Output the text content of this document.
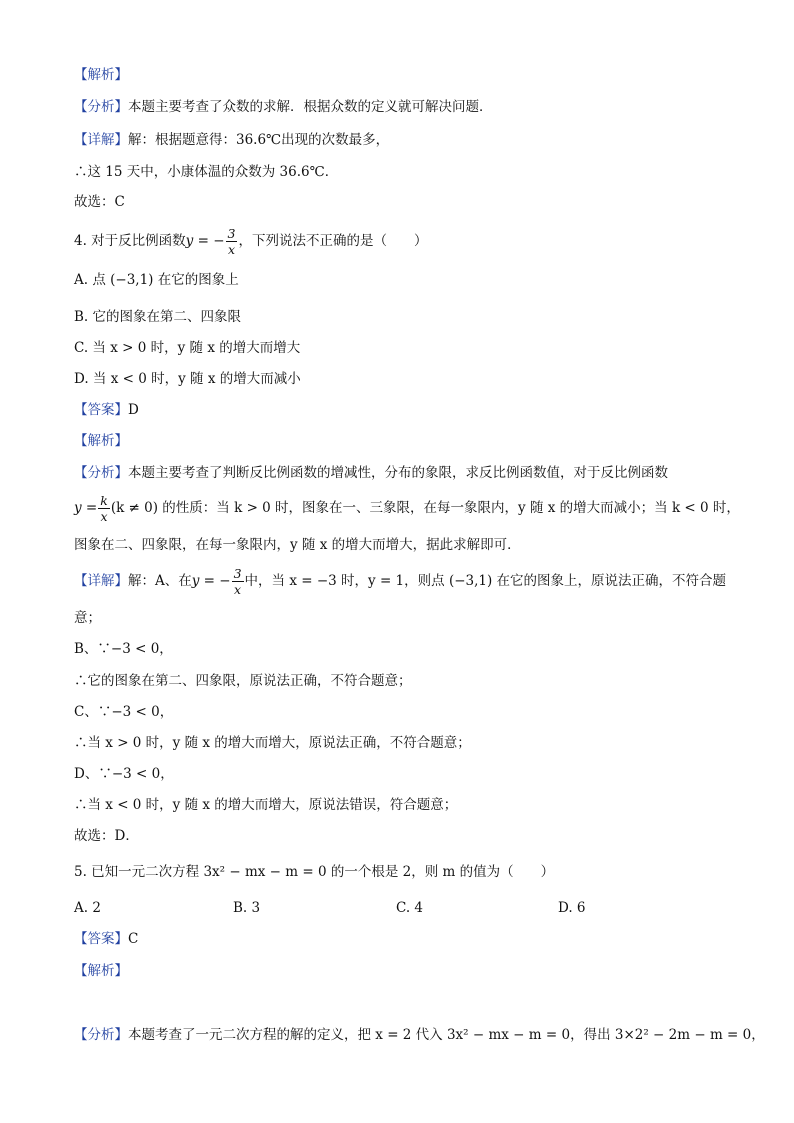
【解析】
【分析】本题主要考查了众数的求解．根据众数的定义就可解决问题．
【详解】解：根据题意得：36.6℃出现的次数最多，
∴这 15 天中，小康体温的众数为 36.6℃．
故选：C
4. 对于反比例函数y = − $\frac{3}{x}$ ，下列说法不正确的是（　　）
A. 点 (−3,1) 在它的图象上
B. 它的图象在第二、四象限
C. 当 x > 0 时，y 随 x 的增大而增大
D. 当 x < 0 时，y 随 x 的增大而减小
【答案】D
【解析】
【分析】本题主要考查了判断反比例函数的增减性，分布的象限，求反比例函数值，对于反比例函数
$y = \frac{k}{x} (k \ne 0)$ 的性质：当 k > 0 时，图象在一、三象限，在每一象限内，y 随 x 的增大而减小；当 k < 0 时，
图象在二、四象限，在每一象限内，y 随 x 的增大而增大，据此求解即可．
【详解】解：A、在y = − $\frac{3}{x}$ 中，当 x = −3 时，y = 1，则点 (−3,1) 在它的图象上，原说法正确，不符合题
意；
B、∵−3 < 0，
∴它的图象在第二、四象限，原说法正确，不符合题意；
C、∵−3 < 0，
∴当 x > 0 时，y 随 x 的增大而增大，原说法正确，不符合题意；
D、∵−3 < 0，
∴当 x < 0 时，y 随 x 的增大而增大，原说法错误，符合题意；
故选：D．
5. 已知一元二次方程 3x² − mx − m = 0 的一个根是 2，则 m 的值为（　　）
A. 2	B. 3	C. 4	D. 6
【答案】C
【解析】
【分析】本题考查了一元二次方程的解的定义，把 x = 2 代入 3x² − mx − m = 0，得出 3×2² − 2m − m = 0，
